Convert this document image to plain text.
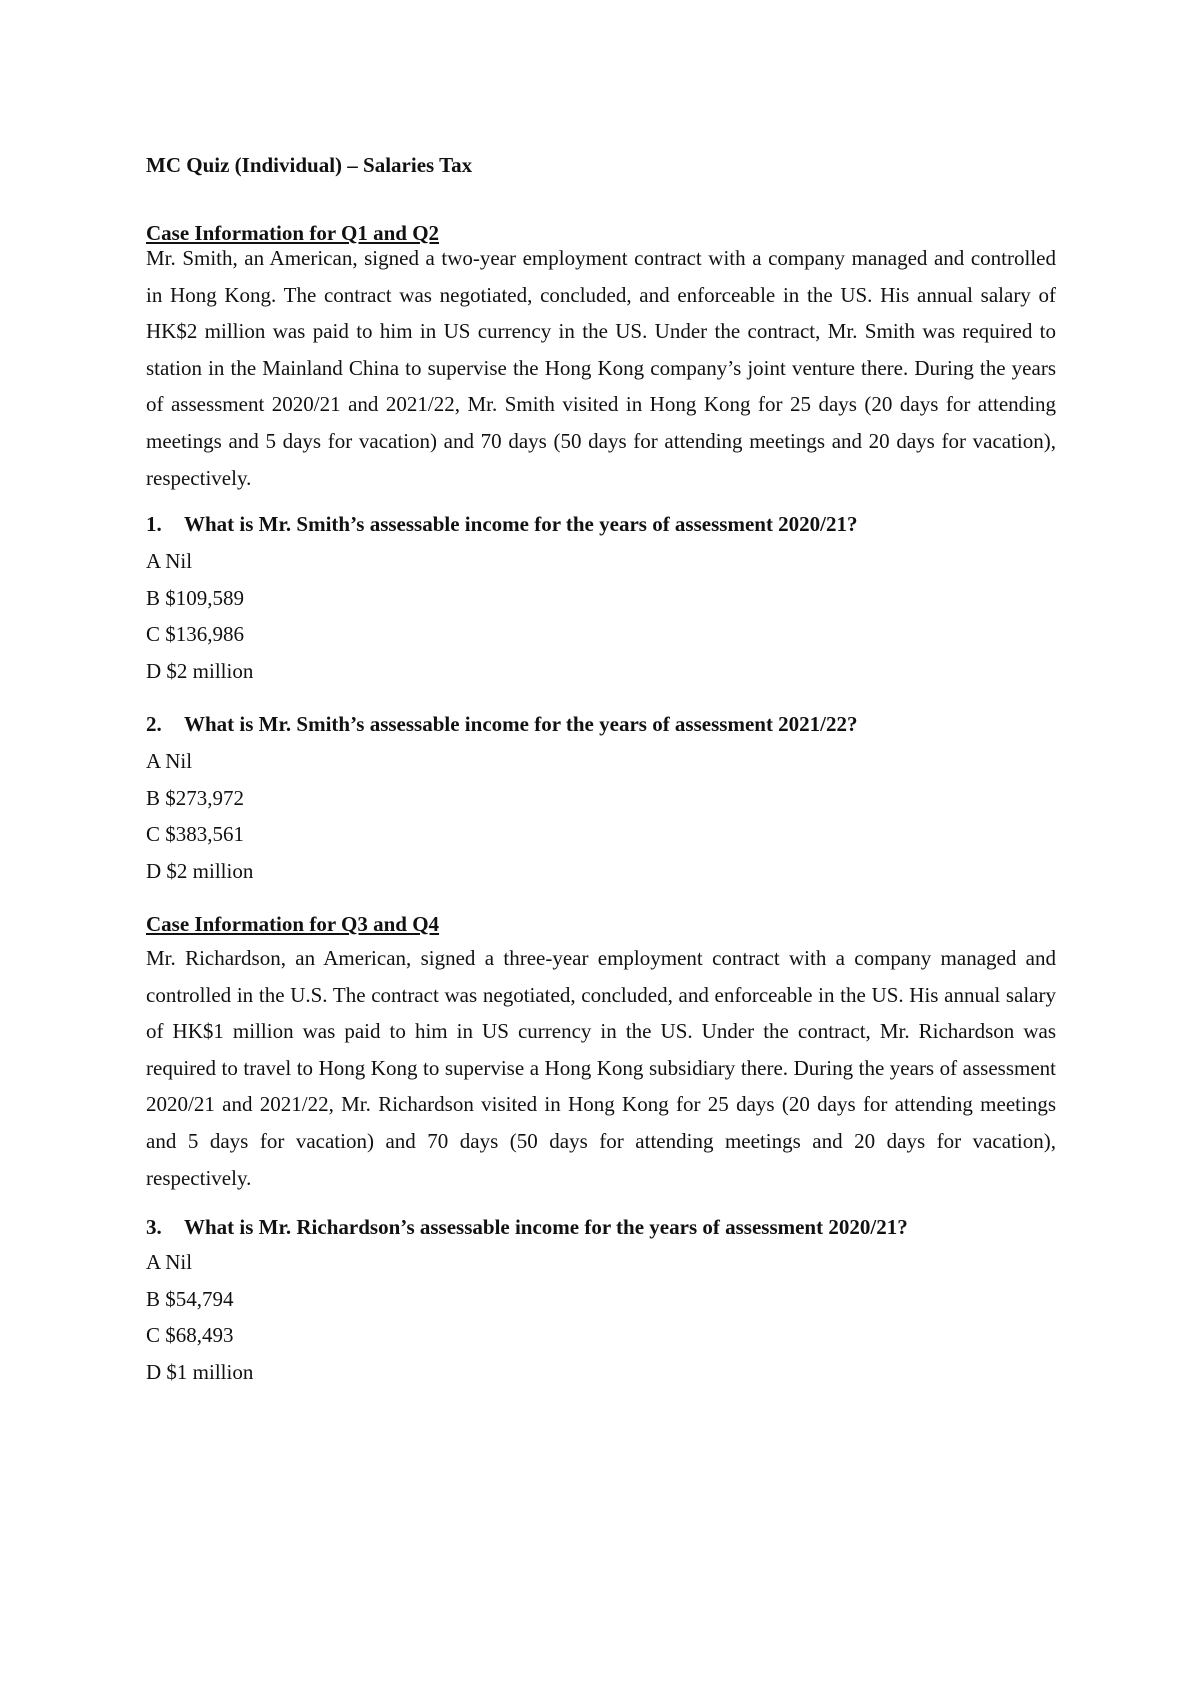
MC Quiz (Individual) – Salaries Tax
Case Information for Q1 and Q2

Mr. Smith, an American, signed a two-year employment contract with a company managed and controlled in Hong Kong. The contract was negotiated, concluded, and enforceable in the US. His annual salary of HK$2 million was paid to him in US currency in the US. Under the contract, Mr. Smith was required to station in the Mainland China to supervise the Hong Kong company’s joint venture there. During the years of assessment 2020/21 and 2021/22, Mr. Smith visited in Hong Kong for 25 days (20 days for attending meetings and 5 days for vacation) and 70 days (50 days for attending meetings and 20 days for vacation), respectively.

1. What is Mr. Smith’s assessable income for the years of assessment 2020/21?
A Nil
B $109,589
C $136,986
D $2 million
2. What is Mr. Smith’s assessable income for the years of assessment 2021/22?
A Nil
B $273,972
C $383,561
D $2 million
Case Information for Q3 and Q4

Mr. Richardson, an American, signed a three-year employment contract with a company managed and controlled in the U.S. The contract was negotiated, concluded, and enforceable in the US. His annual salary of HK$1 million was paid to him in US currency in the US. Under the contract, Mr. Richardson was required to travel to Hong Kong to supervise a Hong Kong subsidiary there. During the years of assessment 2020/21 and 2021/22, Mr. Richardson visited in Hong Kong for 25 days (20 days for attending meetings and 5 days for vacation) and 70 days (50 days for attending meetings and 20 days for vacation), respectively.

3. What is Mr. Richardson’s assessable income for the years of assessment 2020/21?
A Nil
B $54,794
C $68,493
D $1 million
